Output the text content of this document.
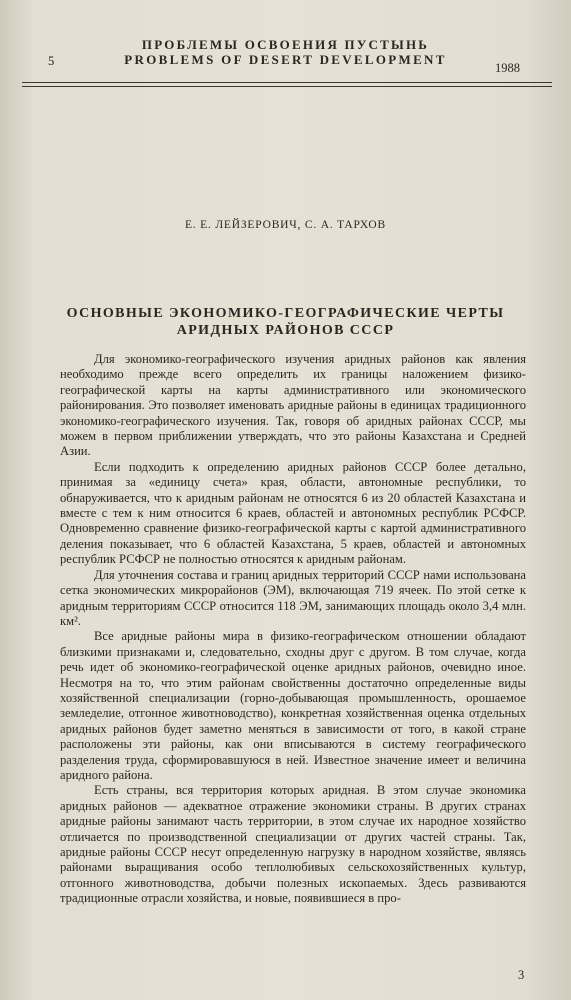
ПРОБЛЕМЫ ОСВОЕНИЯ ПУСТЫНЬ
5	PROBLEMS OF DESERT DEVELOPMENT
1988
Е. Е. ЛЕЙЗЕРОВИЧ, С. А. ТАРХОВ
ОСНОВНЫЕ ЭКОНОМИКО-ГЕОГРАФИЧЕСКИЕ ЧЕРТЫ
АРИДНЫХ РАЙОНОВ СССР

Для экономико-географического изучения аридных районов как явления необходимо прежде всего определить их границы наложением физико-географической карты на карты административного или экономического районирования. Это позволяет именовать аридные районы в единицах традиционного экономико-географического изучения. Так, говоря об аридных районах СССР, мы можем в первом приближении утверждать, что это районы Казахстана и Средней Азии.

Если подходить к определению аридных районов СССР более детально, принимая за «единицу счета» края, области, автономные республики, то обнаруживается, что к аридным районам не относятся 6 из 20 областей Казахстана и вместе с тем к ним относится 6 краев, областей и автономных республик РСФСР. Одновременно сравнение физико-географической карты с картой административного деления показывает, что 6 областей Казахстана, 5 краев, областей и автономных республик РСФСР не полностью относятся к аридным районам.

Для уточнения состава и границ аридных территорий СССР нами использована сетка экономических микрорайонов (ЭМ), включающая 719 ячеек. По этой сетке к аридным территориям СССР относится 118 ЭМ, занимающих площадь около 3,4 млн. км².

Все аридные районы мира в физико-географическом отношении обладают близкими признаками и, следовательно, сходны друг с другом. В том случае, когда речь идет об экономико-географической оценке аридных районов, очевидно иное. Несмотря на то, что этим районам свойственны достаточно определенные виды хозяйственной специализации (горно-добывающая промышленность, орошаемое земледелие, отгонное животноводство), конкретная хозяйственная оценка отдельных аридных районов будет заметно меняться в зависимости от того, в какой стране расположены эти районы, как они вписываются в систему географического разделения труда, сформировавшуюся в ней. Известное значение имеет и величина аридного района.

Есть страны, вся территория которых аридная. В этом случае экономика аридных районов — адекватное отражение экономики страны. В других странах аридные районы занимают часть территории, в этом случае их народное хозяйство отличается по производственной специализации от других частей страны. Так, аридные районы СССР несут определенную нагрузку в народном хозяйстве, являясь районами выращивания особо теплолюбивых сельскохозяйственных культур, отгонного животноводства, добычи полезных ископаемых. Здесь развиваются традиционные отрасли хозяйства, и новые, появившиеся в про-

3
